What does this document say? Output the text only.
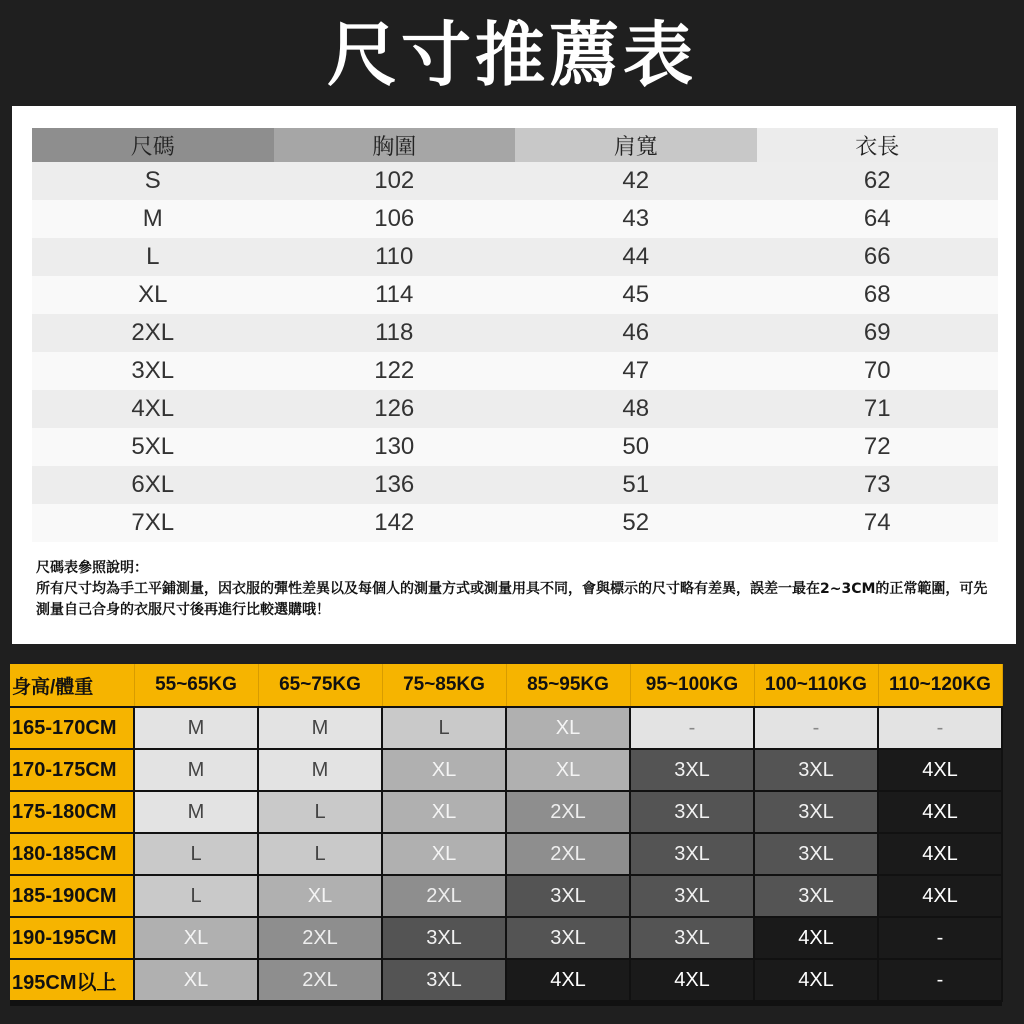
尺寸推薦表
尺碼	胸圍	肩寬	衣長
S	102	42	62
M	106	43	64
L	110	44	66
XL	114	45	68
2XL	118	46	69
3XL	122	47	70
4XL	126	48	71
5XL	130	50	72
6XL	136	51	73
7XL	142	52	74
尺碼表參照說明：
所有尺寸均為手工平鋪測量，因衣服的彈性差異以及每個人的測量方式或測量用具不同，會與標示的尺寸略有差異，誤差一最在2~3CM的正常範圍，可先測量自己合身的衣服尺寸後再進行比較選購哦！
身高/體重	55~65KG	65~75KG	75~85KG	85~95KG	95~100KG	100~110KG	110~120KG
165-170CM	M	M	L	XL	-	-	-
170-175CM	M	M	XL	XL	3XL	3XL	4XL
175-180CM	M	L	XL	2XL	3XL	3XL	4XL
180-185CM	L	L	XL	2XL	3XL	3XL	4XL
185-190CM	L	XL	2XL	3XL	3XL	3XL	4XL
190-195CM	XL	2XL	3XL	3XL	3XL	4XL	-
195CM以上	XL	2XL	3XL	4XL	4XL	4XL	-
